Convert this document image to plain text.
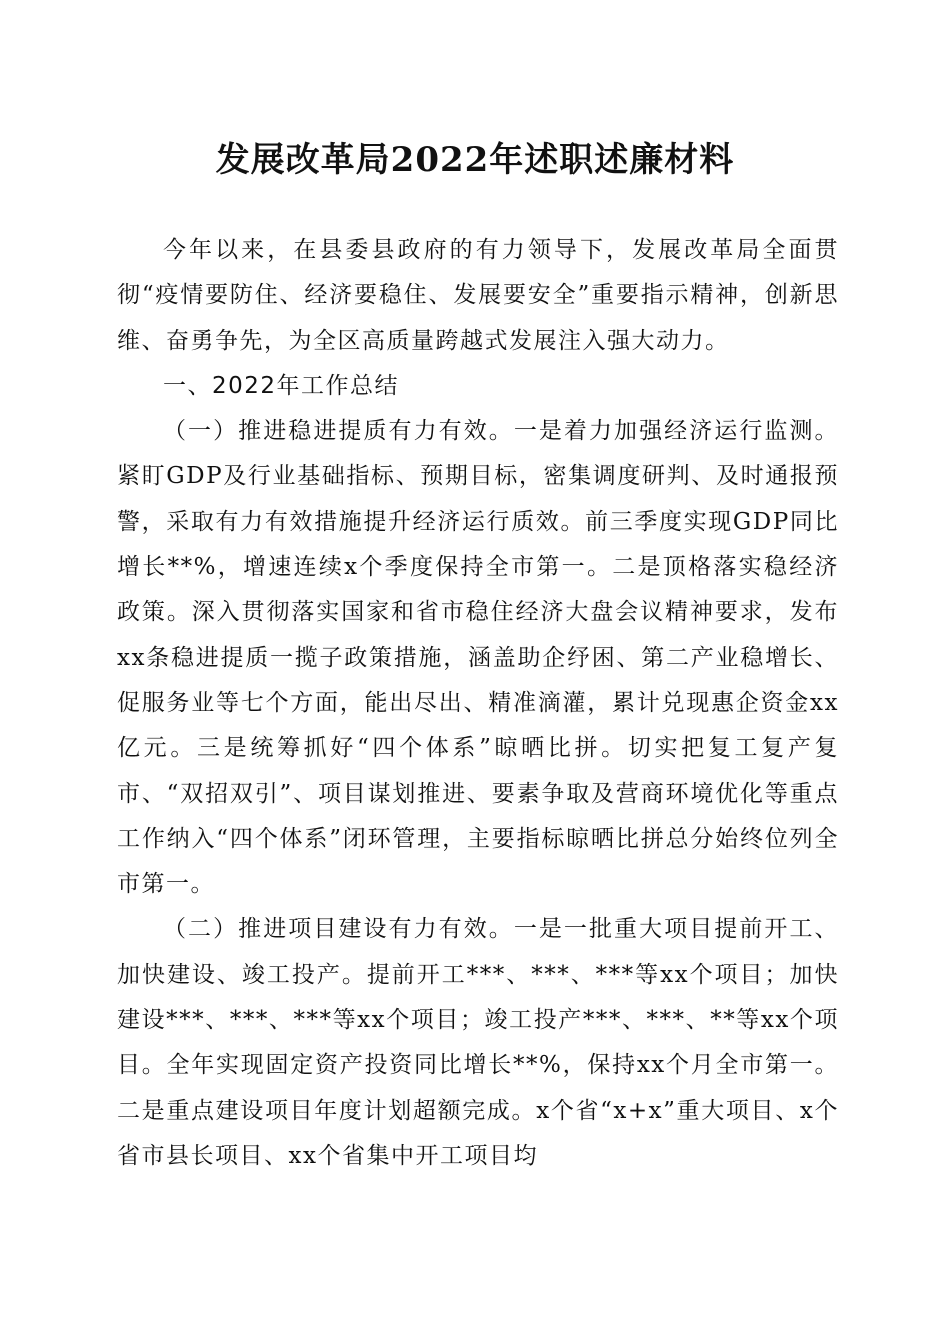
发展改革局2022年述职述廉材料

今年以来，在县委县政府的有力领导下，发展改革局全面贯彻“疫情要防住、经济要稳住、发展要安全”重要指示精神，创新思维、奋勇争先，为全区高质量跨越式发展注入强大动力。

一、2022年工作总结

（一）推进稳进提质有力有效。一是着力加强经济运行监测。紧盯GDP及行业基础指标、预期目标，密集调度研判、及时通报预警，采取有力有效措施提升经济运行质效。前三季度实现GDP同比增长**%，增速连续x个季度保持全市第一。二是顶格落实稳经济政策。深入贯彻落实国家和省市稳住经济大盘会议精神要求，发布xx条稳进提质一揽子政策措施，涵盖助企纾困、第二产业稳增长、促服务业等七个方面，能出尽出、精准滴灌，累计兑现惠企资金xx亿元。三是统筹抓好“四个体系”晾晒比拼。切实把复工复产复市、“双招双引”、项目谋划推进、要素争取及营商环境优化等重点工作纳入“四个体系”闭环管理，主要指标晾晒比拼总分始终位列全市第一。

（二）推进项目建设有力有效。一是一批重大项目提前开工、加快建设、竣工投产。提前开工***、***、***等xx个项目；加快建设***、***、***等xx个项目；竣工投产***、***、**等xx个项目。全年实现固定资产投资同比增长**%，保持xx个月全市第一。二是重点建设项目年度计划超额完成。x个省“x+x”重大项目、x个省市县长项目、xx个省集中开工项目均
